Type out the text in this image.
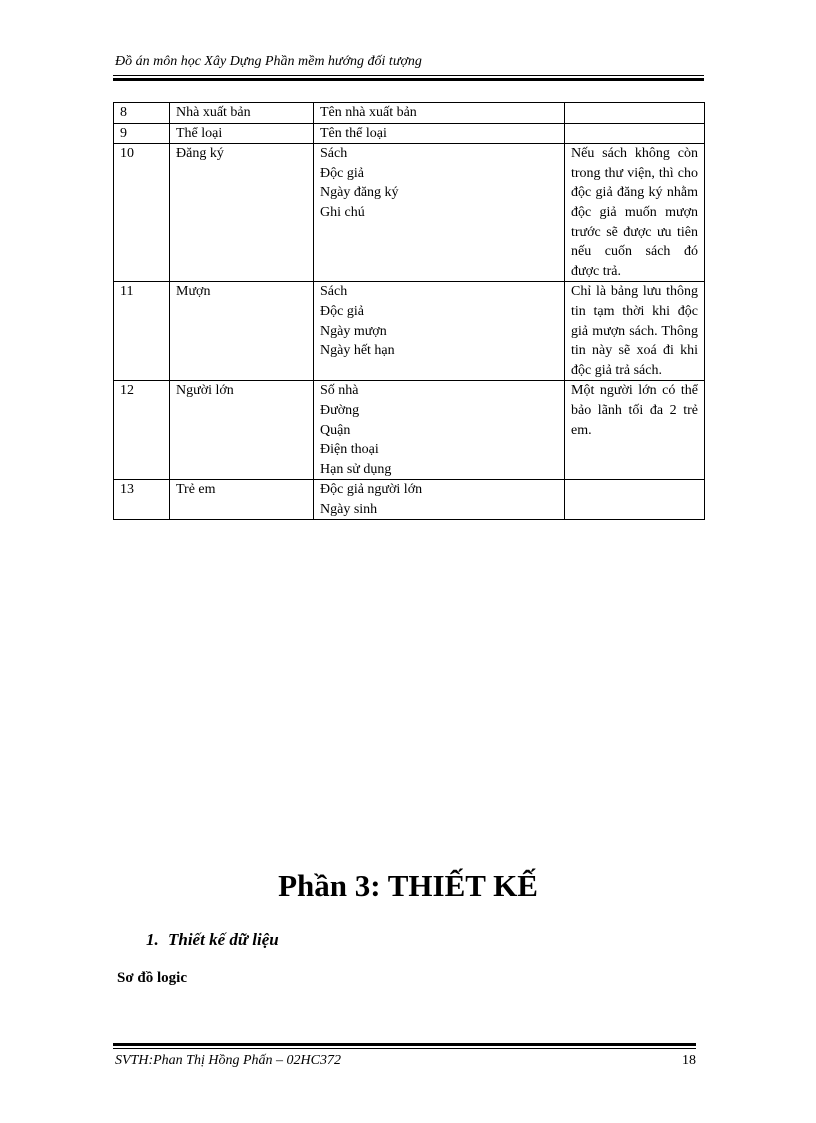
Đồ án môn học Xây Dựng Phần mềm hướng đối tượng
8	Nhà xuất bản	Tên nhà xuất bản	

9	Thể loại	Tên thể loại	

10	Đăng ký	Sách
Độc giả
Ngày đăng ký
Ghi chú	Nếu sách không còn trong thư viện, thì cho độc giả đăng ký nhằm độc giả muốn mượn trước sẽ được ưu tiên nếu cuốn sách đó được trả.
11	Mượn	Sách
Độc giả
Ngày mượn
Ngày hết hạn	Chỉ là bảng lưu thông tin tạm thời khi độc giả mượn sách. Thông tin này sẽ xoá đi khi độc giả trả sách.
12	Người lớn	Số nhà
Đường
Quận
Điện thoại
Hạn sử dụng	Một người lớn có thể bảo lãnh tối đa 2 trẻ em.
13	Trẻ em	Độc giả người lớn
Ngày sinh	

Phần 3: THIẾT KẾ
1. Thiết kế dữ liệu
Sơ đồ logic
SVTH:Phan Thị Hồng Phấn – 02HC372	18
